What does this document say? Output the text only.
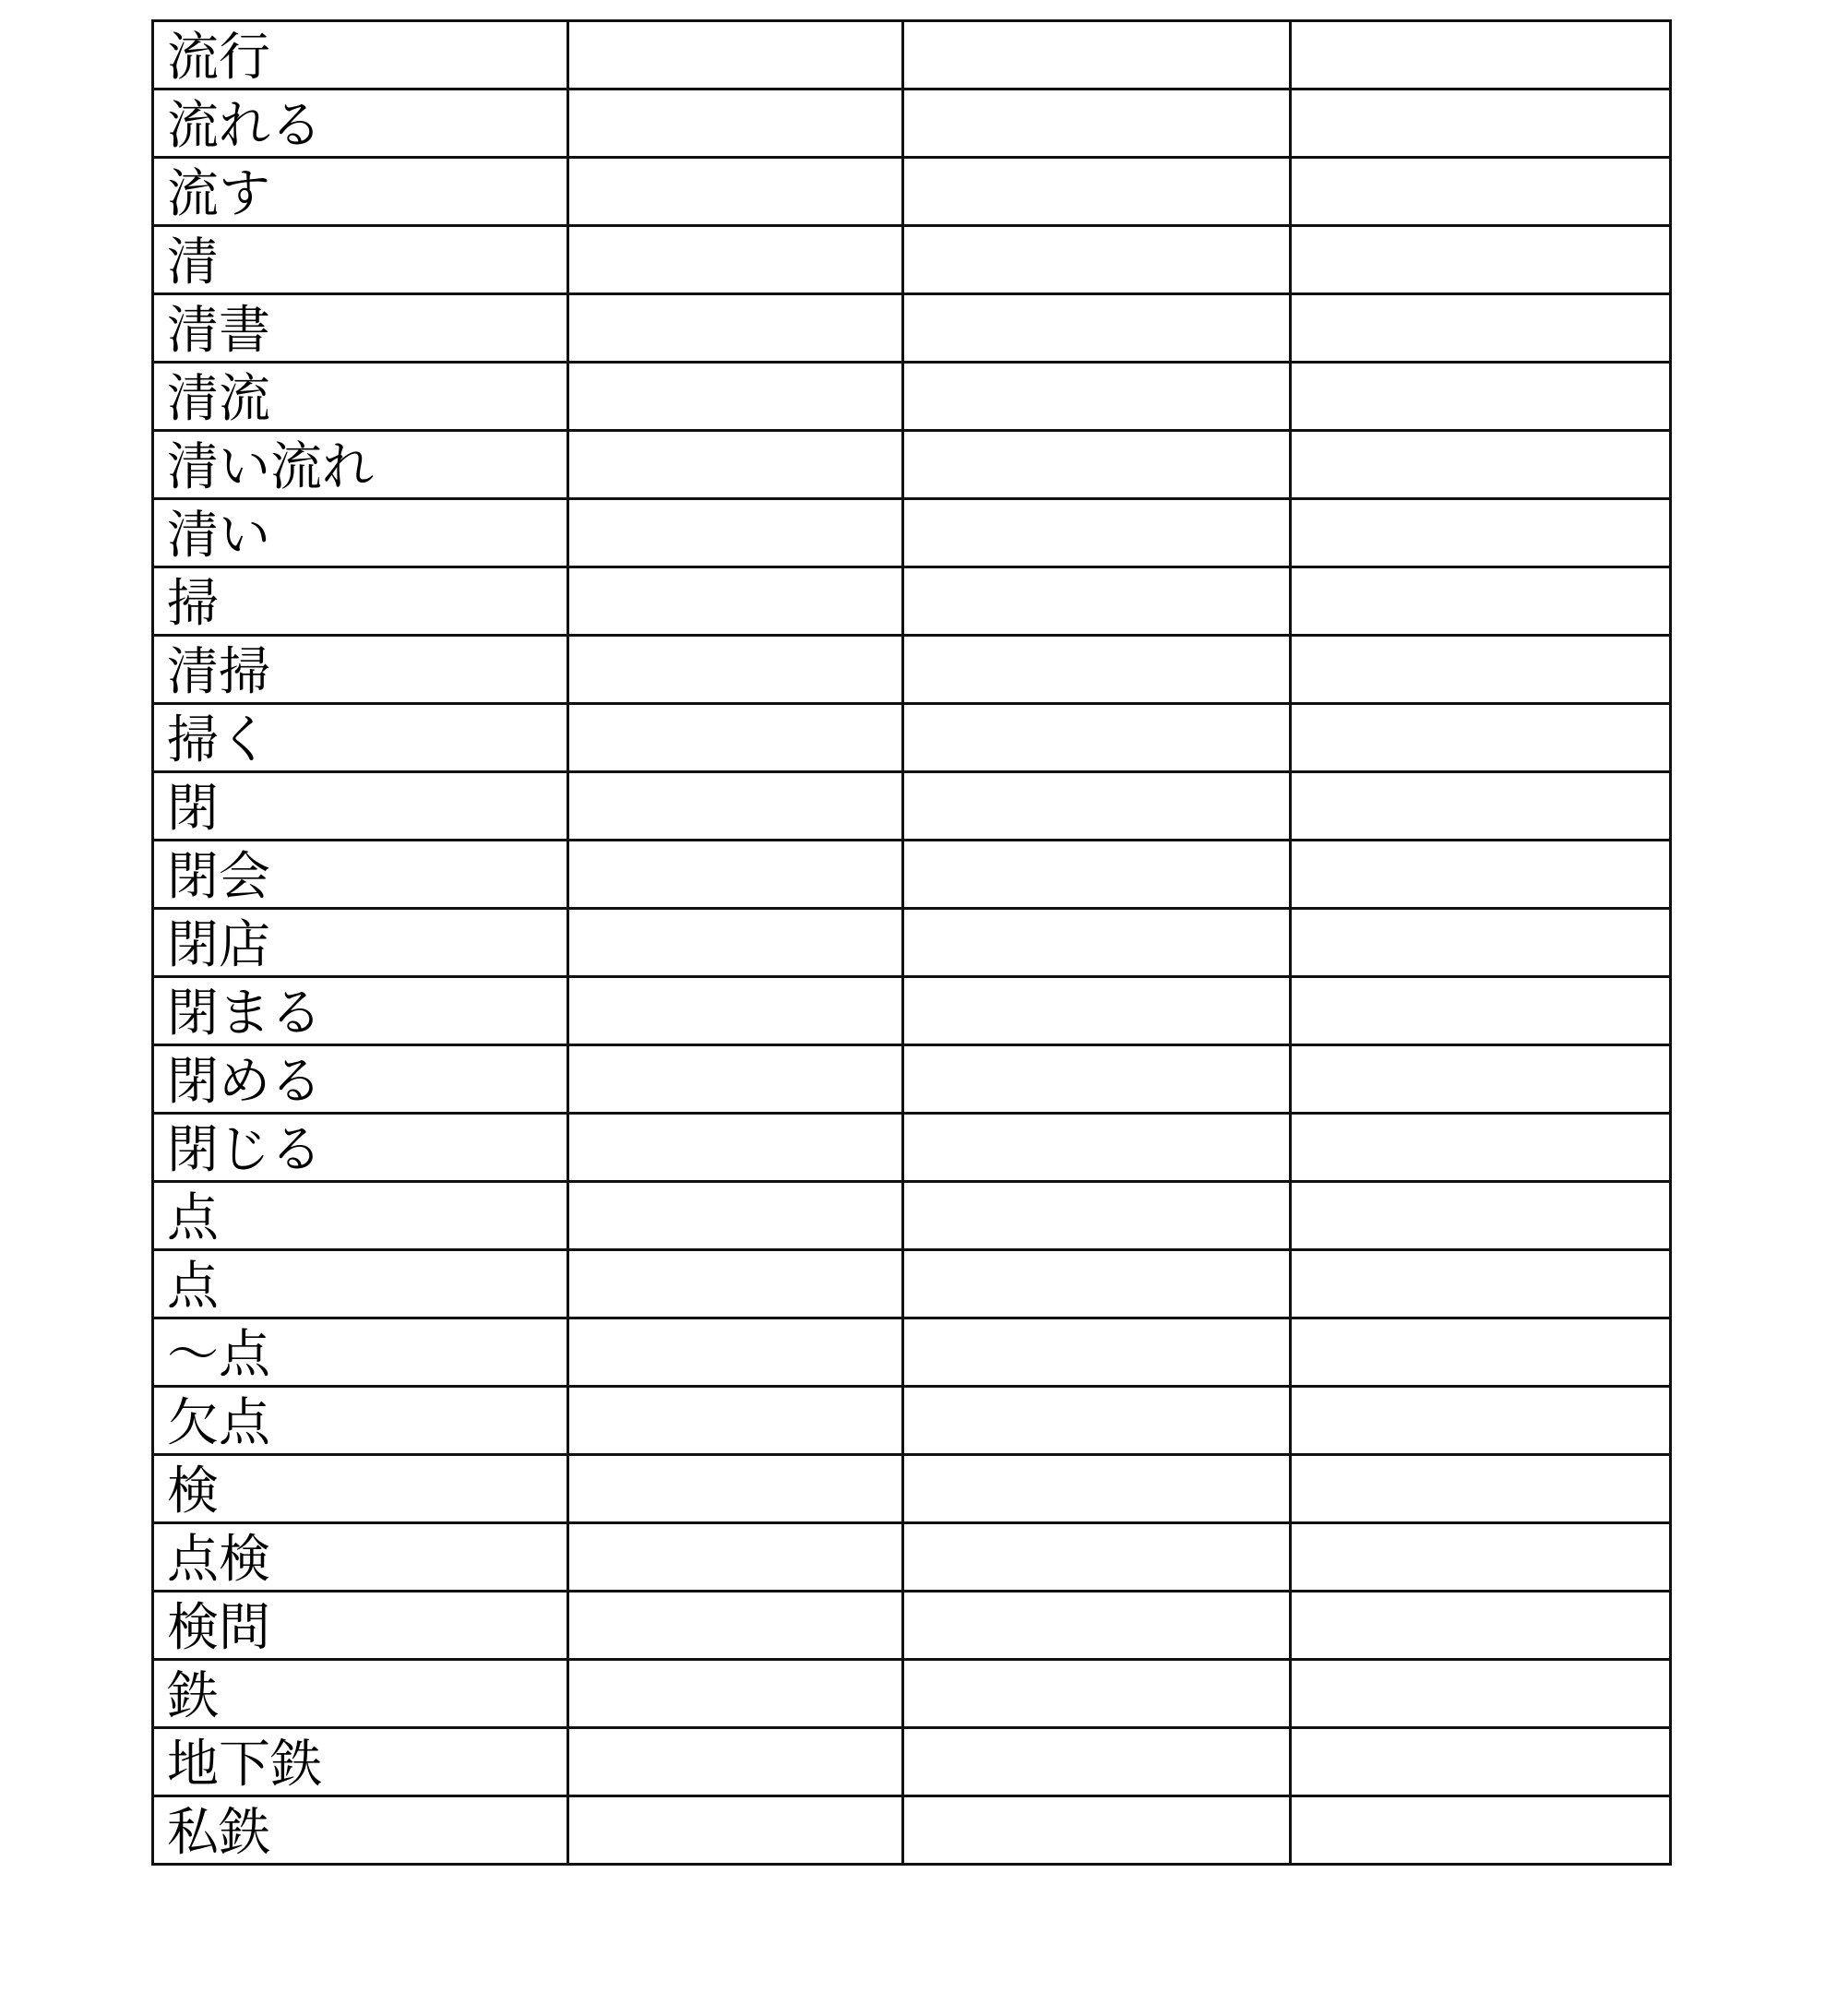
流行			
流れる			
流す			
清			
清書			
清流			
清い流れ			
清い			
掃			
清掃			
掃く			
閉			
閉会			
閉店			
閉まる			
閉める			
閉じる			
点			
点			
～点			
欠点			
検			
点検			
検問			
鉄			
地下鉄			
私鉄			
